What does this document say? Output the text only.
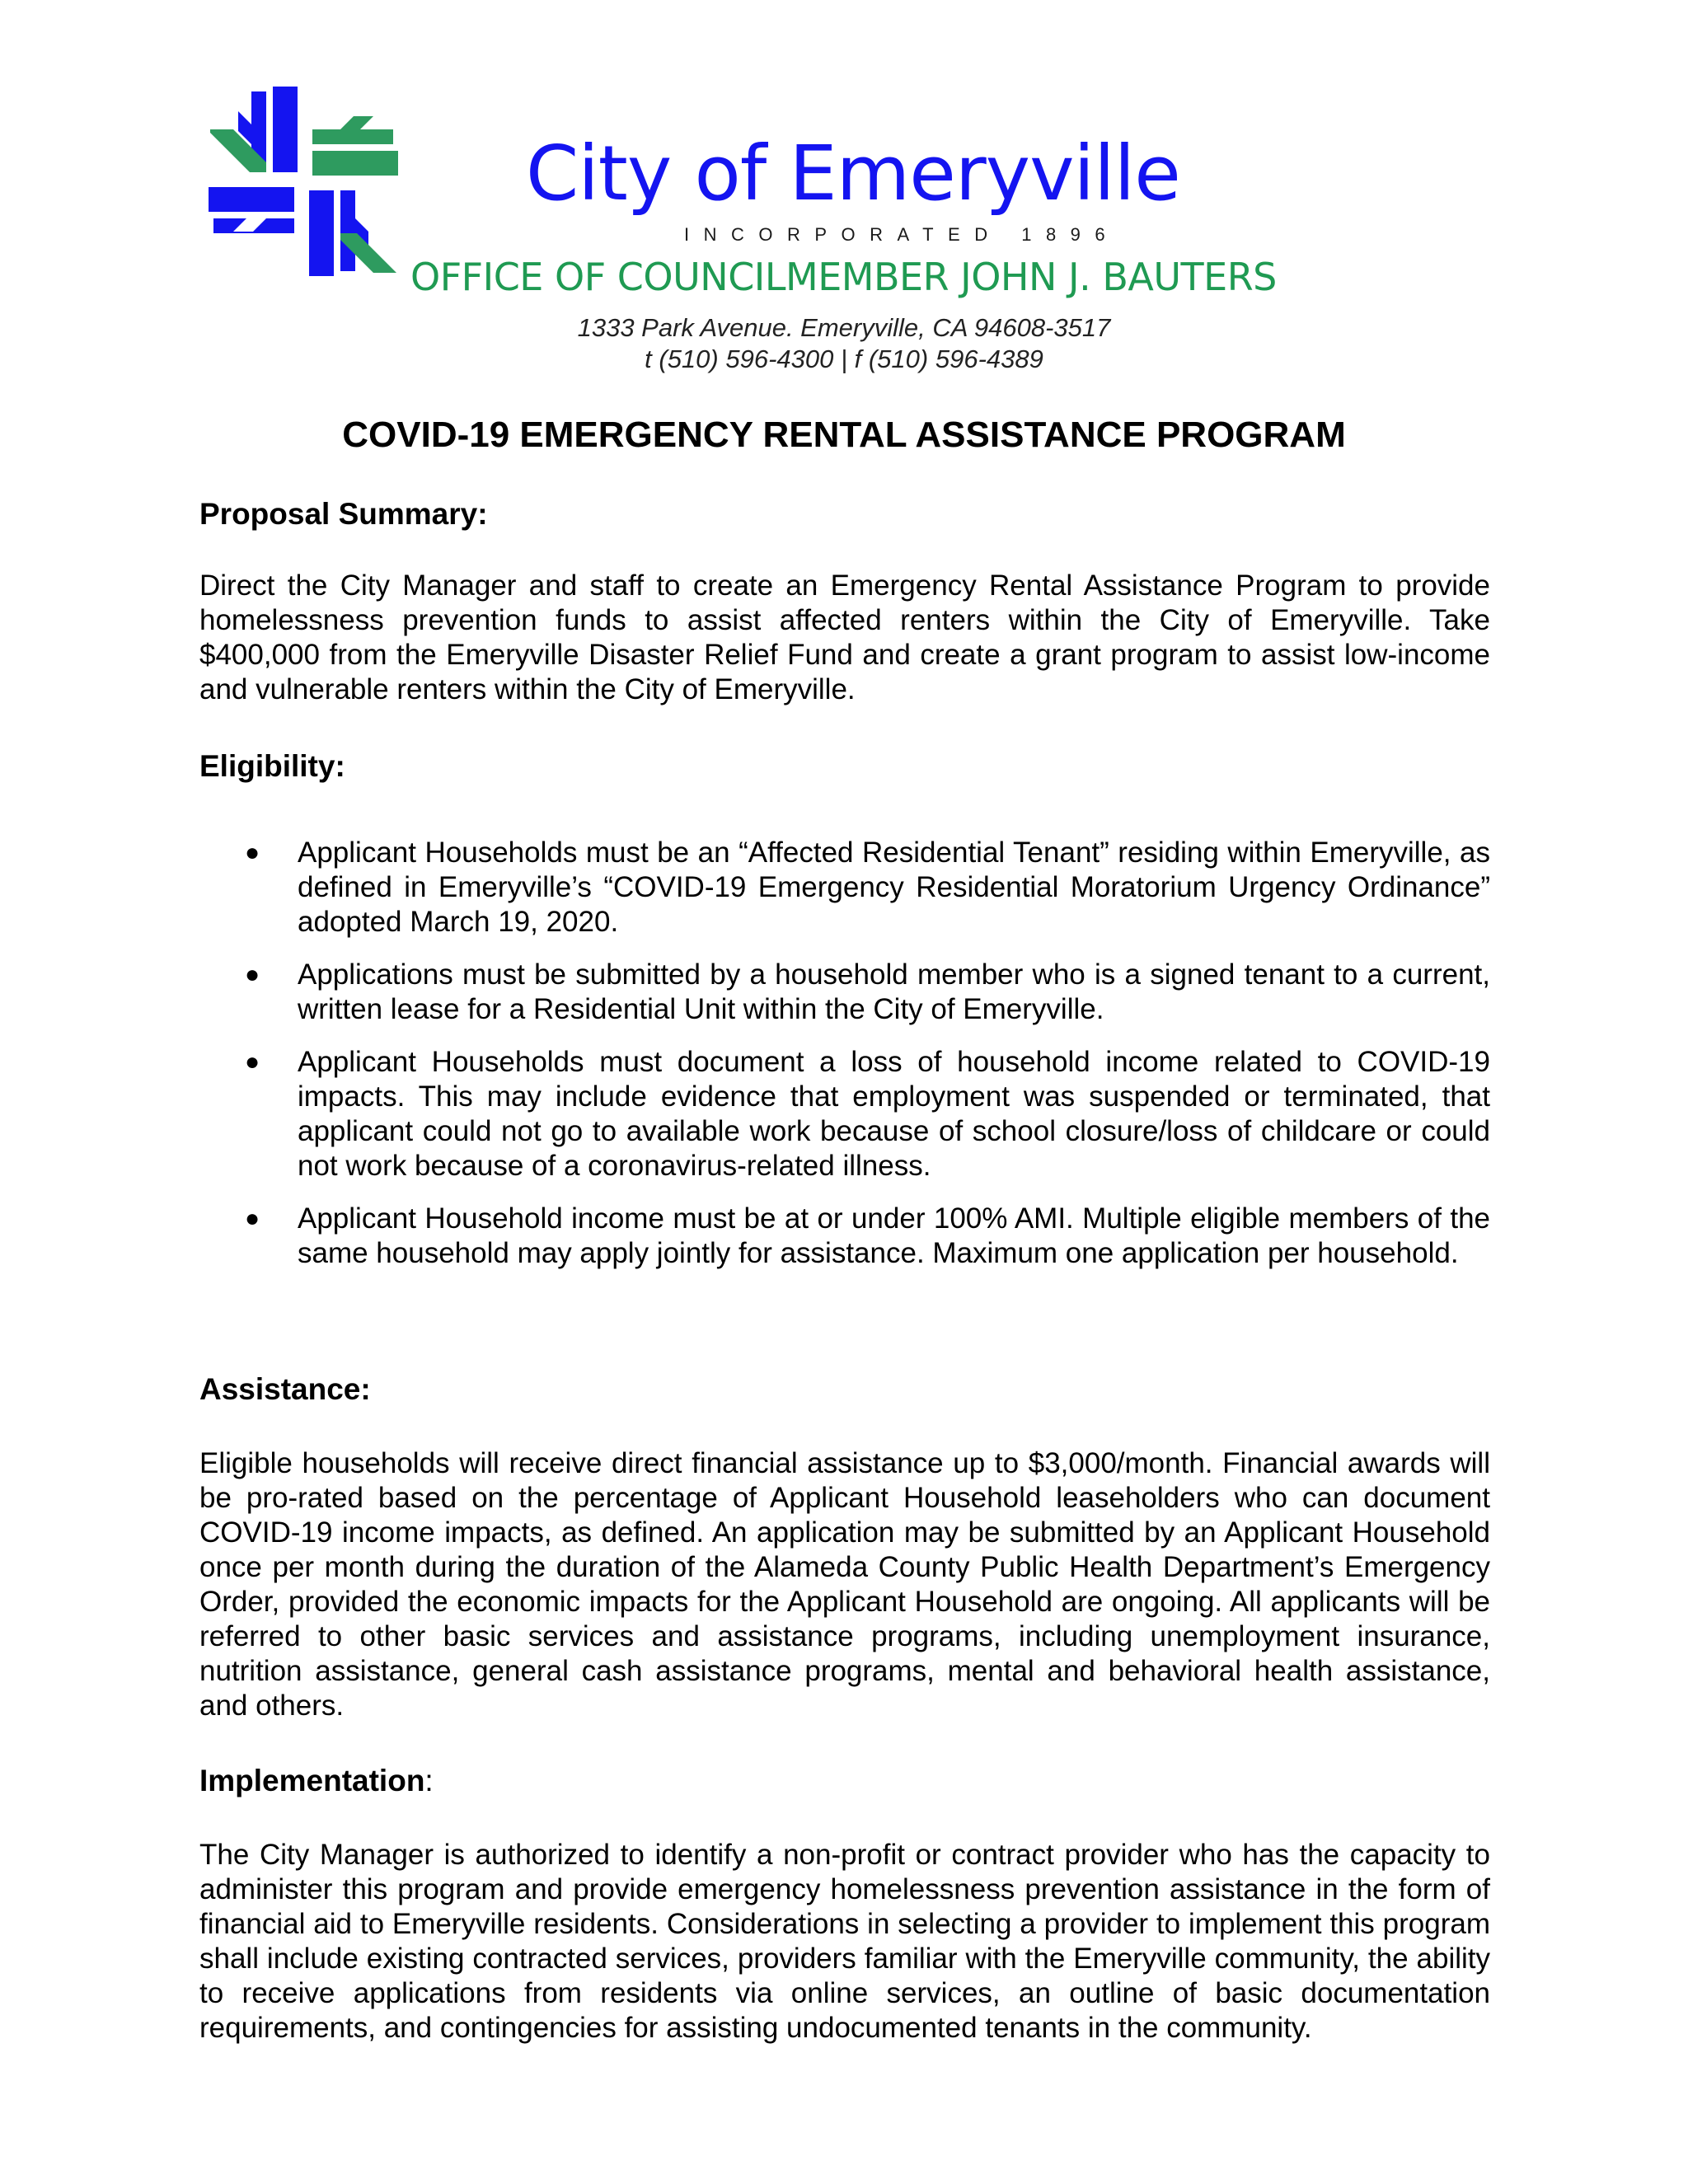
City of Emeryville
INCORPORATED 1896
OFFICE OF COUNCILMEMBER JOHN J. BAUTERS
1333 Park Avenue. Emeryville, CA 94608-3517
t (510) 596-4300 | f (510) 596-4389
COVID-19 EMERGENCY RENTAL ASSISTANCE PROGRAM
Proposal Summary:
Direct the City Manager and staff to create an Emergency Rental Assistance Program to provide homelessness prevention funds to assist affected renters within the City of Emeryville. Take $400,000 from the Emeryville Disaster Relief Fund and create a grant program to assist low-income and vulnerable renters within the City of Emeryville.
Eligibility:
● Applicant Households must be an “Affected Residential Tenant” residing within Emeryville, as defined in Emeryville’s “COVID-19 Emergency Residential Moratorium Urgency Ordinance” adopted March 19, 2020.
● Applications must be submitted by a household member who is a signed tenant to a current, written lease for a Residential Unit within the City of Emeryville.
● Applicant Households must document a loss of household income related to COVID-19 impacts. This may include evidence that employment was suspended or terminated, that applicant could not go to available work because of school closure/loss of childcare or could not work because of a coronavirus-related illness.
● Applicant Household income must be at or under 100% AMI. Multiple eligible members of the same household may apply jointly for assistance. Maximum one application per household.
Assistance:
Eligible households will receive direct financial assistance up to $3,000/month. Financial awards will be pro-rated based on the percentage of Applicant Household leaseholders who can document COVID-19 income impacts, as defined. An application may be submitted by an Applicant Household once per month during the duration of the Alameda County Public Health Department’s Emergency Order, provided the economic impacts for the Applicant Household are ongoing. All applicants will be referred to other basic services and assistance programs, including unemployment insurance, nutrition assistance, general cash assistance programs, mental and behavioral health assistance, and others.
Implementation:
The City Manager is authorized to identify a non-profit or contract provider who has the capacity to administer this program and provide emergency homelessness prevention assistance in the form of financial aid to Emeryville residents. Considerations in selecting a provider to implement this program shall include existing contracted services, providers familiar with the Emeryville community, the ability to receive applications from residents via online services, an outline of basic documentation requirements, and contingencies for assisting undocumented tenants in the community.
